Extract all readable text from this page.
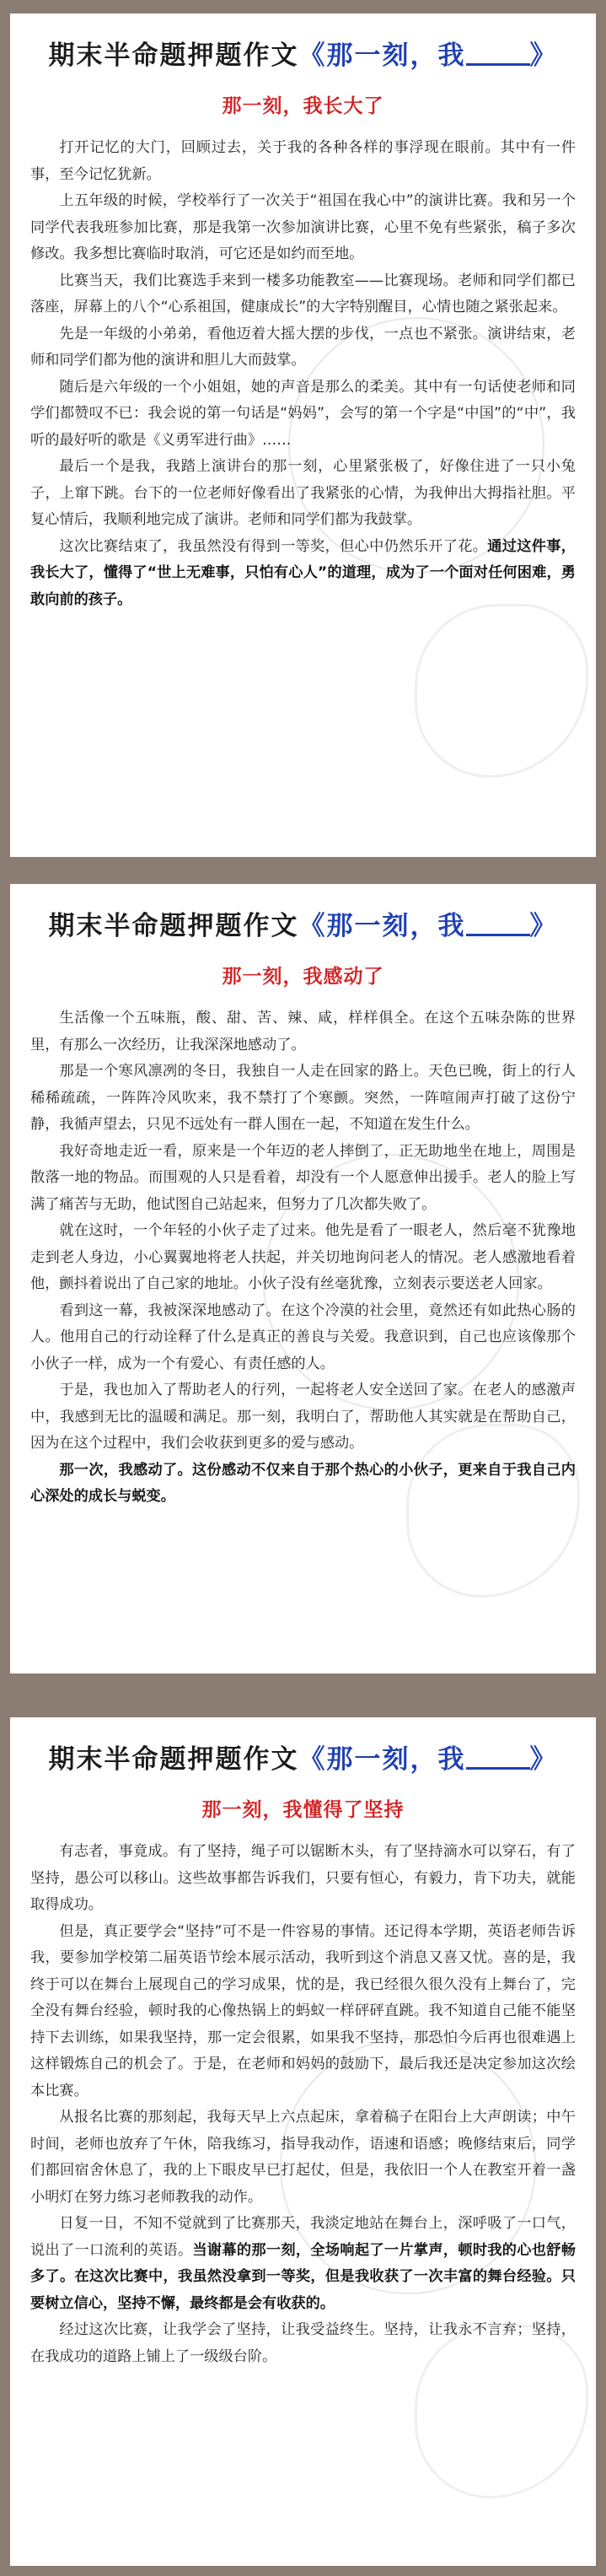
期末半命题押题作文《那一刻，我 》
那一刻，我长大了

打开记忆的大门，回顾过去，关于我的各种各样的事浮现在眼前。其中有一件事，至今记忆犹新。

上五年级的时候，学校举行了一次关于“祖国在我心中”的演讲比赛。我和另一个同学代表我班参加比赛，那是我第一次参加演讲比赛，心里不免有些紧张，稿子多次修改。我多想比赛临时取消，可它还是如约而至地。

比赛当天，我们比赛选手来到一楼多功能教室——比赛现场。老师和同学们都已落座，屏幕上的八个“心系祖国，健康成长”的大字特别醒目，心情也随之紧张起来。

先是一年级的小弟弟，看他迈着大摇大摆的步伐，一点也不紧张。演讲结束，老师和同学们都为他的演讲和胆儿大而鼓掌。

随后是六年级的一个小姐姐，她的声音是那么的柔美。其中有一句话使老师和同学们都赞叹不已：我会说的第一句话是“妈妈”，会写的第一个字是“中国”的“中”，我听的最好听的歌是《义勇军进行曲》……

最后一个是我，我踏上演讲台的那一刻，心里紧张极了，好像住进了一只小兔子，上窜下跳。台下的一位老师好像看出了我紧张的心情，为我伸出大拇指社胆。平复心情后，我顺利地完成了演讲。老师和同学们都为我鼓掌。

这次比赛结束了，我虽然没有得到一等奖，但心中仍然乐开了花。通过这件事，我长大了，懂得了“世上无难事，只怕有心人”的道理，成为了一个面对任何困难，勇敢向前的孩子。

期末半命题押题作文《那一刻，我 》
那一刻，我感动了

生活像一个五味瓶，酸、甜、苦、辣、咸，样样俱全。在这个五味杂陈的世界里，有那么一次经历，让我深深地感动了。

那是一个寒风凛冽的冬日，我独自一人走在回家的路上。天色已晚，街上的行人稀稀疏疏，一阵阵冷风吹来，我不禁打了个寒颤。突然，一阵喧闹声打破了这份宁静，我循声望去，只见不远处有一群人围在一起，不知道在发生什么。

我好奇地走近一看，原来是一个年迈的老人摔倒了，正无助地坐在地上，周围是散落一地的物品。而围观的人只是看着，却没有一个人愿意伸出援手。老人的脸上写满了痛苦与无助，他试图自己站起来，但努力了几次都失败了。

就在这时，一个年轻的小伙子走了过来。他先是看了一眼老人，然后毫不犹豫地走到老人身边，小心翼翼地将老人扶起，并关切地询问老人的情况。老人感激地看着他，颤抖着说出了自己家的地址。小伙子没有丝毫犹豫，立刻表示要送老人回家。

看到这一幕，我被深深地感动了。在这个冷漠的社会里，竟然还有如此热心肠的人。他用自己的行动诠释了什么是真正的善良与关爱。我意识到，自己也应该像那个小伙子一样，成为一个有爱心、有责任感的人。

于是，我也加入了帮助老人的行列，一起将老人安全送回了家。在老人的感激声中，我感到无比的温暖和满足。那一刻，我明白了，帮助他人其实就是在帮助自己，因为在这个过程中，我们会收获到更多的爱与感动。

那一次，我感动了。这份感动不仅来自于那个热心的小伙子，更来自于我自己内心深处的成长与蜕变。

期末半命题押题作文《那一刻，我 》
那一刻，我懂得了坚持

有志者，事竟成。有了坚持，绳子可以锯断木头，有了坚持滴水可以穿石，有了坚持，愚公可以移山。这些故事都告诉我们，只要有恒心，有毅力，肯下功夫，就能取得成功。

但是，真正要学会“坚持”可不是一件容易的事情。还记得本学期，英语老师告诉我，要参加学校第二届英语节绘本展示活动，我听到这个消息又喜又忧。喜的是，我终于可以在舞台上展现自己的学习成果，忧的是，我已经很久很久没有上舞台了，完全没有舞台经验，顿时我的心像热锅上的蚂蚁一样砰砰直跳。我不知道自己能不能坚持下去训练，如果我坚持，那一定会很累，如果我不坚持，那恐怕今后再也很难遇上这样锻炼自己的机会了。于是，在老师和妈妈的鼓励下，最后我还是决定参加这次绘本比赛。

从报名比赛的那刻起，我每天早上六点起床，拿着稿子在阳台上大声朗读；中午时间，老师也放弃了午休，陪我练习，指导我动作，语速和语感；晚修结束后，同学们都回宿舍休息了，我的上下眼皮早已打起仗，但是，我依旧一个人在教室开着一盏小明灯在努力练习老师教我的动作。

日复一日，不知不觉就到了比赛那天，我淡定地站在舞台上，深呼吸了一口气，说出了一口流利的英语。当谢幕的那一刻，全场响起了一片掌声，顿时我的心也舒畅多了。在这次比赛中，我虽然没拿到一等奖，但是我收获了一次丰富的舞台经验。只要树立信心，坚持不懈，最终都是会有收获的。

经过这次比赛，让我学会了坚持，让我受益终生。坚持，让我永不言弃；坚持，在我成功的道路上铺上了一级级台阶。
